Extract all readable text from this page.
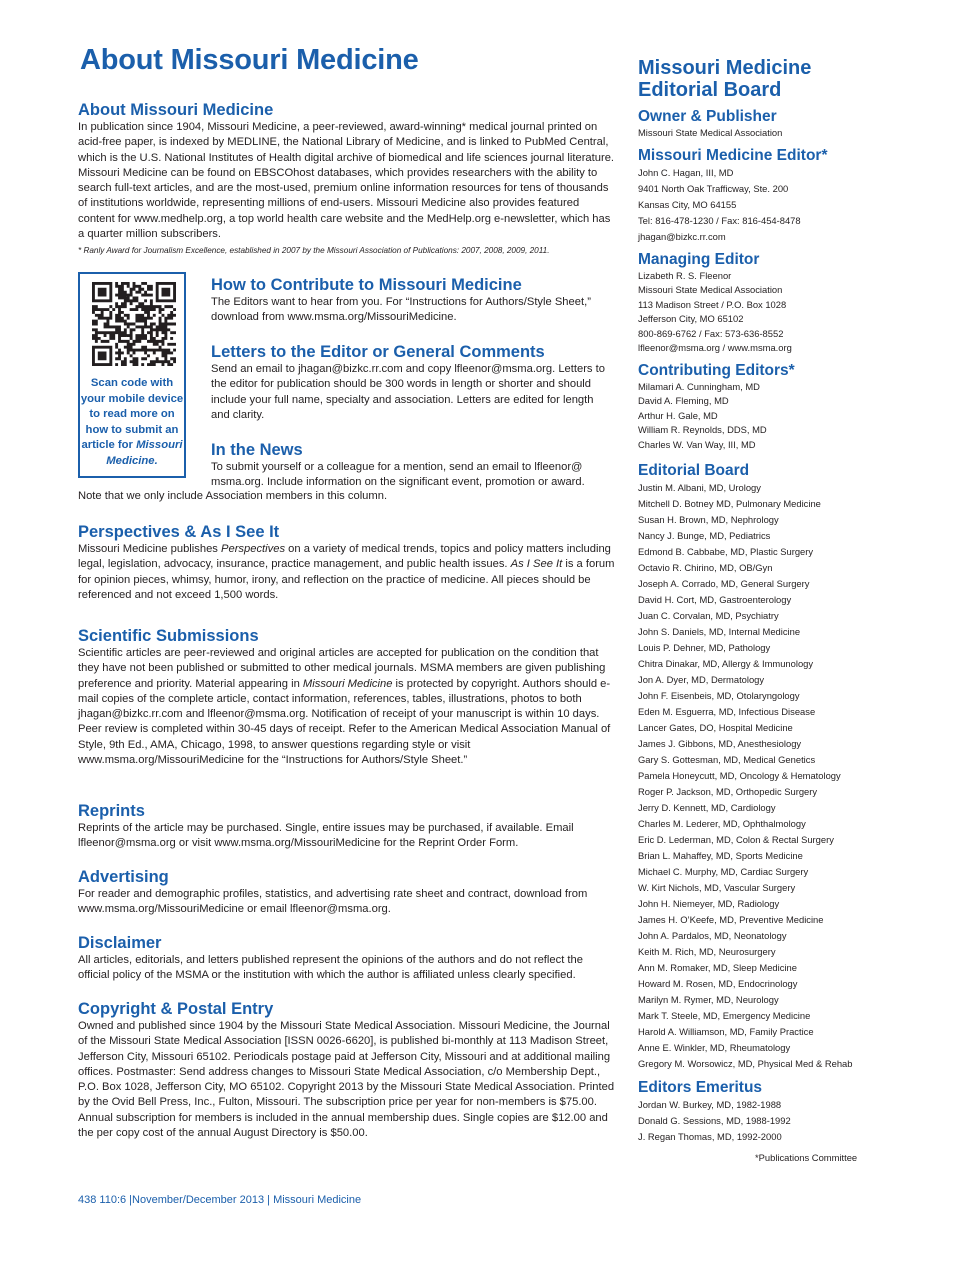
About Missouri Medicine

About Missouri Medicine

In publication since 1904, Missouri Medicine, a peer-reviewed, award-winning* medical journal printed on acid-free paper, is indexed by MEDLINE, the National Library of Medicine, and is linked to PubMed Central, which is the U.S. National Institutes of Health digital archive of biomedical and life sciences journal literature. Missouri Medicine can be found on EBSCOhost databases, which provides researchers with the ability to search full-text articles, and are the most-used, premium online information resources for tens of thousands of institutions worldwide, representing millions of end-users. Missouri Medicine also provides featured content for www.medhelp.org, a top world health care website and the MedHelp.org e-newsletter, which has a quarter million subscribers.

* Ranly Award for Journalism Excellence, established in 2007 by the Missouri Association of Publications: 2007, 2008, 2009, 2011.

Scan code with
your mobile device
to read more on
how to submit an
article for Missouri
Medicine.

How to Contribute to Missouri Medicine

The Editors want to hear from you. For “Instructions for Authors/Style Sheet,” download from www.msma.org/MissouriMedicine.

Letters to the Editor or General Comments

Send an email to jhagan@bizkc.rr.com and copy lfleenor@msma.org. Letters to the editor for publication should be 300 words in length or shorter and should include your full name, specialty and association. Letters are edited for length and clarity.

In the News

To submit yourself or a colleague for a mention, send an email to lfleenor@

msma.org. Include information on the significant event, promotion or award.

Note that we only include Association members in this column.

Perspectives & As I See It

Missouri Medicine publishes Perspectives on a variety of medical trends, topics and policy matters including legal, legislation, advocacy, insurance, practice management, and public health issues. As I See It is a forum for opinion pieces, whimsy, humor, irony, and reflection on the practice of medicine. All pieces should be referenced and not exceed 1,500 words.

Scientific Submissions

Scientific articles are peer-reviewed and original articles are accepted for publication on the condition that they have not been published or submitted to other medical journals. MSMA members are given publishing preference and priority. Material appearing in Missouri Medicine is protected by copyright. Authors should e-mail copies of the complete article, contact information, references, tables, illustrations, photos to both jhagan@bizkc.rr.com and lfleenor@msma.org. Notification of receipt of your manuscript is within 10 days. Peer review is completed within 30-45 days of receipt. Refer to the American Medical Association Manual of Style, 9th Ed., AMA, Chicago, 1998, to answer questions regarding style or visit www.msma.org/MissouriMedicine for the “Instructions for Authors/Style Sheet.”

Reprints

Reprints of the article may be purchased. Single, entire issues may be purchased, if available. Email lfleenor@msma.org or visit www.msma.org/MissouriMedicine for the Reprint Order Form.

Advertising

For reader and demographic profiles, statistics, and advertising rate sheet and contract, download from www.msma.org/MissouriMedicine or email lfleenor@msma.org.

Disclaimer

All articles, editorials, and letters published represent the opinions of the authors and do not reflect the official policy of the MSMA or the institution with which the author is affiliated unless clearly specified.

Copyright & Postal Entry

Owned and published since 1904 by the Missouri State Medical Association. Missouri Medicine, the Journal of the Missouri State Medical Association [ISSN 0026-6620], is published bi-monthly at 113 Madison Street, Jefferson City, Missouri 65102. Periodicals postage paid at Jefferson City, Missouri and at additional mailing offices. Postmaster: Send address changes to Missouri State Medical Association, c/o Membership Dept., P.O. Box 1028, Jefferson City, MO 65102. Copyright 2013 by the Missouri State Medical Association. Printed by the Ovid Bell Press, Inc., Fulton, Missouri. The subscription price per year for non-members is $75.00. Annual subscription for members is included in the annual membership dues. Single copies are $12.00 and the per copy cost of the annual August Directory is $50.00.

Missouri Medicine
Editorial Board

Owner & Publisher

Missouri State Medical Association

Missouri Medicine Editor*

John C. Hagan, III, MD

9401 North Oak Trafficway, Ste. 200

Kansas City, MO 64155

Tel: 816-478-1230 / Fax: 816-454-8478

jhagan@bizkc.rr.com

Managing Editor

Lizabeth R. S. Fleenor

Missouri State Medical Association

113 Madison Street / P.O. Box 1028

Jefferson City, MO 65102

800-869-6762 / Fax: 573-636-8552

lfleenor@msma.org / www.msma.org

Contributing Editors*

Milamari A. Cunningham, MD

David A. Fleming, MD

Arthur H. Gale, MD

William R. Reynolds, DDS, MD

Charles W. Van Way, III, MD

Editorial Board

Justin M. Albani, MD, Urology

Mitchell D. Botney MD, Pulmonary Medicine

Susan H. Brown, MD, Nephrology

Nancy J. Bunge, MD, Pediatrics

Edmond B. Cabbabe, MD, Plastic Surgery

Octavio R. Chirino, MD, OB/Gyn

Joseph A. Corrado, MD, General Surgery

David H. Cort, MD, Gastroenterology

Juan C. Corvalan, MD, Psychiatry

John S. Daniels, MD, Internal Medicine

Louis P. Dehner, MD, Pathology

Chitra Dinakar, MD, Allergy & Immunology

Jon A. Dyer, MD, Dermatology

John F. Eisenbeis, MD, Otolaryngology

Eden M. Esguerra, MD, Infectious Disease

Lancer Gates, DO, Hospital Medicine

James J. Gibbons, MD, Anesthesiology

Gary S. Gottesman, MD, Medical Genetics

Pamela Honeycutt, MD, Oncology & Hematology

Roger P. Jackson, MD, Orthopedic Surgery

Jerry D. Kennett, MD, Cardiology

Charles M. Lederer, MD, Ophthalmology

Eric D. Lederman, MD, Colon & Rectal Surgery

Brian L. Mahaffey, MD, Sports Medicine

Michael C. Murphy, MD, Cardiac Surgery

W. Kirt Nichols, MD, Vascular Surgery

John H. Niemeyer, MD, Radiology

James H. O’Keefe, MD, Preventive Medicine

John A. Pardalos, MD, Neonatology

Keith M. Rich, MD, Neurosurgery

Ann M. Romaker, MD, Sleep Medicine

Howard M. Rosen, MD, Endocrinology

Marilyn M. Rymer, MD, Neurology

Mark T. Steele, MD, Emergency Medicine

Harold A. Williamson, MD, Family Practice

Anne E. Winkler, MD, Rheumatology

Gregory M. Worsowicz, MD, Physical Med & Rehab

Editors Emeritus

Jordan W. Burkey, MD, 1982-1988

Donald G. Sessions, MD, 1988-1992

J. Regan Thomas, MD, 1992-2000

*Publications Committee
438 110:6 |November/December 2013 | Missouri Medicine
